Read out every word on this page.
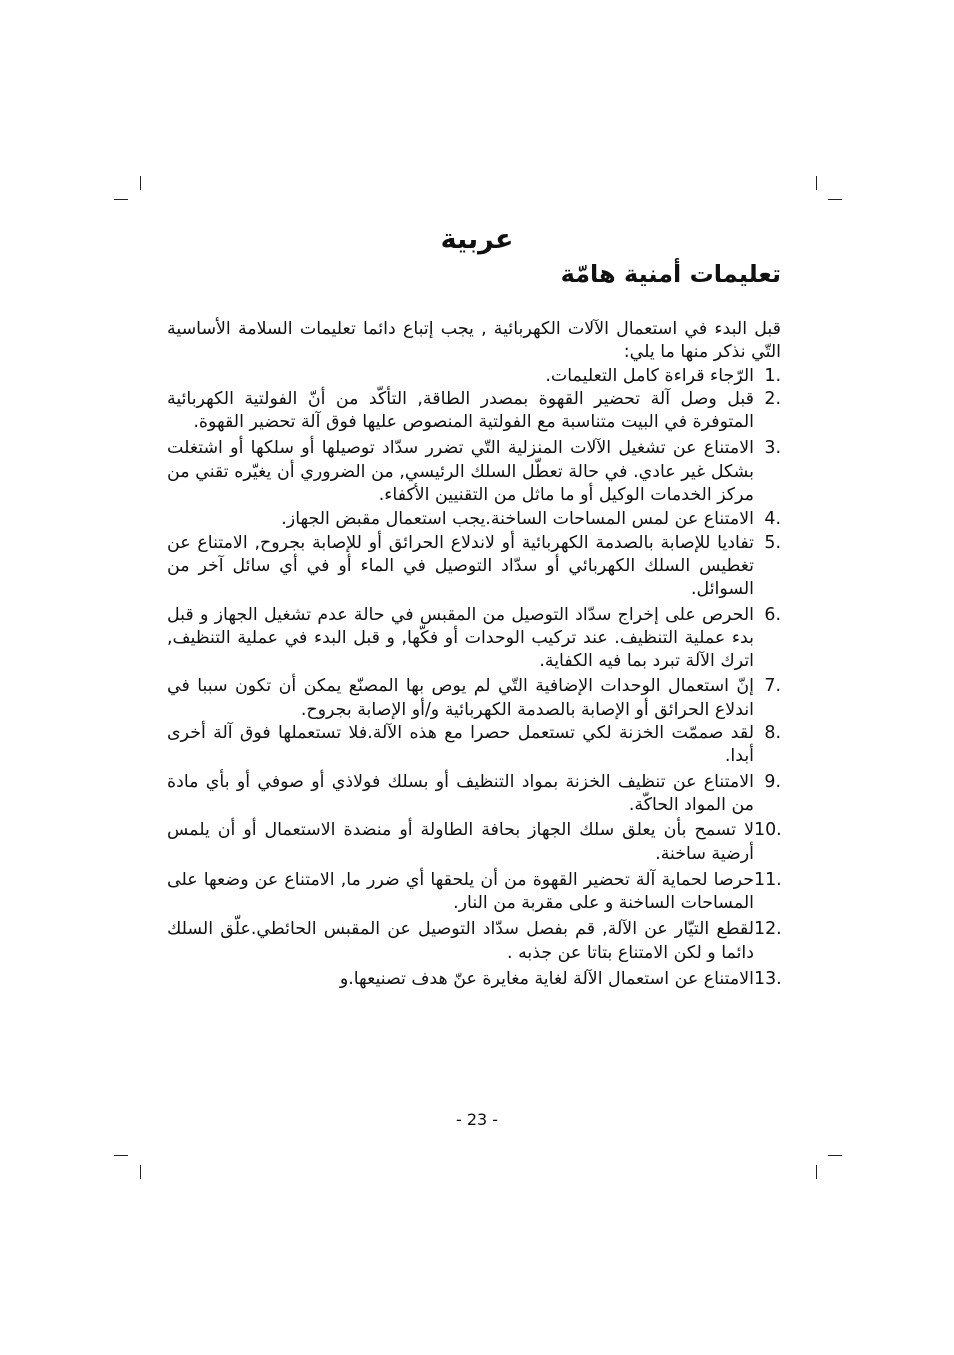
عربية
تعليمات أمنية هامّة

قبل البدء في استعمال الآلات الكهربائية , يجب إتباع دائما تعليمات السلامة الأساسية التّي نذكر منها ما يلي:

1.
الرّجاء قراءة كامل التعليمات.
2.
قبل وصل آلة تحضير القهوة بمصدر الطاقة, التأكّد من أنّ الفولتية الكهربائية المتوفرة في البيت متناسبة مع الفولتية المنصوص عليها فوق آلة تحضير القهوة.
3.
الامتناع عن تشغيل الآلات المنزلية التّي تضرر سدّاد توصيلها أو سلكها أو اشتغلت بشكل غير عادي. في حالة تعطّل السلك الرئيسي, من الضروري أن يغيّره تقني من مركز الخدمات الوكيل أو ما ماثل من التقنيين الأكفاء.
4.
الامتناع عن لمس المساحات الساخنة.يجب استعمال مقبض الجهاز.
5.
تفاديا للإصابة بالصدمة الكهربائية أو لاندلاع الحرائق أو للإصابة بجروح, الامتناع عن تغطيس السلك الكهربائي أو سدّاد التوصيل في الماء أو في أي سائل آخر من السوائل.
6.
الحرص على إخراج سدّاد التوصيل من المقبس في حالة عدم تشغيل الجهاز و قبل بدء عملية التنظيف. عند تركيب الوحدات أو فكّها, و قبل البدء في عملية التنظيف, اترك الآلة تبرد بما فيه الكفاية.
7.
إنّ استعمال الوحدات الإضافية التّي لم يوص بها المصنّع يمكن أن تكون سببا في اندلاع الحرائق أو الإصابة بالصدمة الكهربائية و/أو الإصابة بجروح.
8.
لقد صممّت الخزنة لكي تستعمل حصرا مع هذه الآلة.فلا تستعملها فوق آلة أخرى أبدا.
9.
الامتناع عن تنظيف الخزنة بمواد التنظيف أو بسلك فولاذي أو صوفي أو بأي مادة من المواد الحاكّة.
10.
لا تسمح بأن يعلق سلك الجهاز بحافة الطاولة أو منضدة الاستعمال أو أن يلمس أرضية ساخنة.
11.
حرصا لحماية آلة تحضير القهوة من أن يلحقها أي ضرر ما, الامتناع عن وضعها على المساحات الساخنة و على مقربة من النار.
12.
لقطع التيّار عن الآلة, قم بفصل سدّاد التوصيل عن المقبس الحائطي.علّق السلك دائما و لكن الامتناع بتاتا عن جذبه .
13.
الامتناع عن استعمال الآلة لغاية مغايرة عنّ هدف تصنيعها.و
- 23 -
